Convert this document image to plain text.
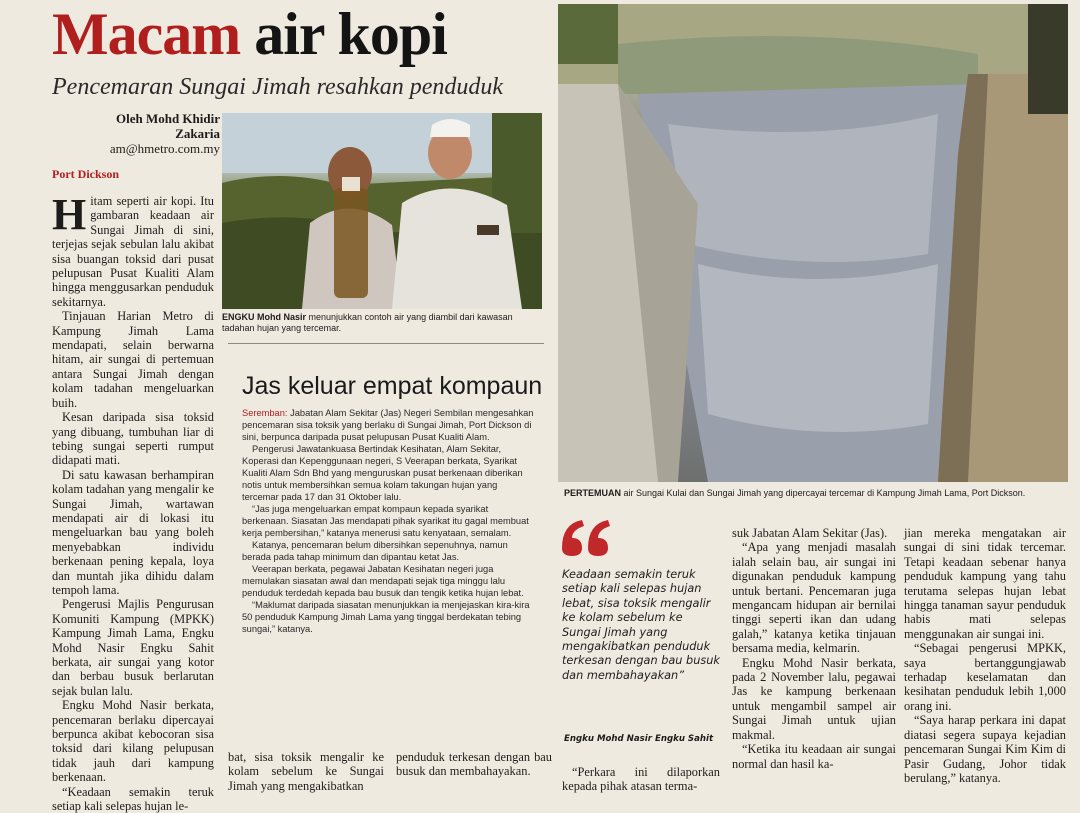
Macam air kopi
Pencemaran Sungai Jimah resahkan penduduk
Oleh Mohd Khidir
Zakaria
am@hmetro.com.my
Port Dickson

Hitam seperti air kopi. Itu gambaran keadaan air Sungai Jimah di sini, terjejas sejak sebulan lalu akibat sisa buangan toksid dari pusat pelupusan Pusat Kualiti Alam hingga menggusarkan penduduk sekitarnya.

Tinjauan Harian Metro di Kampung Jimah Lama mendapati, selain berwarna hitam, air sungai di pertemuan antara Sungai Jimah dengan kolam tadahan mengeluarkan buih.

Kesan daripada sisa toksid yang dibuang, tumbuhan liar di tebing sungai seperti rumput didapati mati.

Di satu kawasan berhampiran kolam tadahan yang mengalir ke Sungai Jimah, wartawan mendapati air di lokasi itu mengeluarkan bau yang boleh menyebabkan individu berkenaan pening kepala, loya dan muntah jika dihidu dalam tempoh lama.

Pengerusi Majlis Pengurusan Komuniti Kampung (MPKK) Kampung Jimah Lama, Engku Mohd Nasir Engku Sahit berkata, air sungai yang kotor dan berbau busuk berlarutan sejak bulan lalu.

Engku Mohd Nasir berkata, pencemaran berlaku dipercayai berpunca akibat kebocoran sisa toksid dari kilang pelupusan tidak jauh dari kampung berkenaan.

“Keadaan semakin teruk setiap kali selepas hujan le-

ENGKU Mohd Nasir menunjukkan contoh air yang diambil dari kawasan tadahan hujan yang tercemar.
PERTEMUAN air Sungai Kulai dan Sungai Jimah yang dipercayai tercemar di Kampung Jimah Lama, Port Dickson.
Jas keluar empat kompaun

Seremban: Jabatan Alam Sekitar (Jas) Negeri Sembilan mengesahkan pencemaran sisa toksik yang berlaku di Sungai Jimah, Port Dickson di sini, berpunca daripada pusat pelupusan Pusat Kualiti Alam.

Pengerusi Jawatankuasa Bertindak Kesihatan, Alam Sekitar, Koperasi dan Kepenggunaan negeri, S Veerapan berkata, Syarikat Kualiti Alam Sdn Bhd yang menguruskan pusat berkenaan diberikan notis untuk membersihkan semua kolam takungan hujan yang tercemar pada 17 dan 31 Oktober lalu.

“Jas juga mengeluarkan empat kompaun kepada syarikat berkenaan. Siasatan Jas mendapati pihak syarikat itu gagal membuat kerja pembersihan,” katanya menerusi satu kenyataan, semalam.

Katanya, pencemaran belum dibersihkan sepenuhnya, namun berada pada tahap minimum dan dipantau ketat Jas.

Veerapan berkata, pegawai Jabatan Kesihatan negeri juga memulakan siasatan awal dan mendapati sejak tiga minggu lalu penduduk terdedah kepada bau busuk dan tengik ketika hujan lebat.

“Maklumat daripada siasatan menunjukkan ia menjejaskan kira-kira 50 penduduk Kampung Jimah Lama yang tinggal berdekatan tebing sungai,” katanya.

bat, sisa toksik mengalir ke kolam sebelum ke Sungai Jimah yang mengakibatkan

penduduk terkesan dengan bau busuk dan membahayakan.

Keadaan semakin teruk setiap kali selepas hujan lebat, sisa toksik mengalir ke kolam sebelum ke Sungai Jimah yang mengakibatkan penduduk terkesan dengan bau busuk dan membahayakan”
Engku Mohd Nasir Engku Sahit

“Perkara ini dilaporkan kepada pihak atasan terma-

suk Jabatan Alam Sekitar (Jas).

“Apa yang menjadi masalah ialah selain bau, air sungai ini digunakan penduduk kampung untuk bertani. Pencemaran juga mengancam hidupan air bernilai tinggi seperti ikan dan udang galah,” katanya ketika tinjauan bersama media, kelmarin.

Engku Mohd Nasir berkata, pada 2 November lalu, pegawai Jas ke kampung berkenaan untuk mengambil sampel air Sungai Jimah untuk ujian makmal.

“Ketika itu keadaan air sungai normal dan hasil ka-

jian mereka mengatakan air sungai di sini tidak tercemar. Tetapi keadaan sebenar hanya penduduk kampung yang tahu terutama selepas hujan lebat hingga tanaman sayur penduduk habis mati selepas menggunakan air sungai ini.

“Sebagai pengerusi MPKK, saya bertanggungjawab terhadap keselamatan dan kesihatan penduduk lebih 1,000 orang ini.

“Saya harap perkara ini dapat diatasi segera supaya kejadian pencemaran Sungai Kim Kim di Pasir Gudang, Johor tidak berulang,” katanya.
